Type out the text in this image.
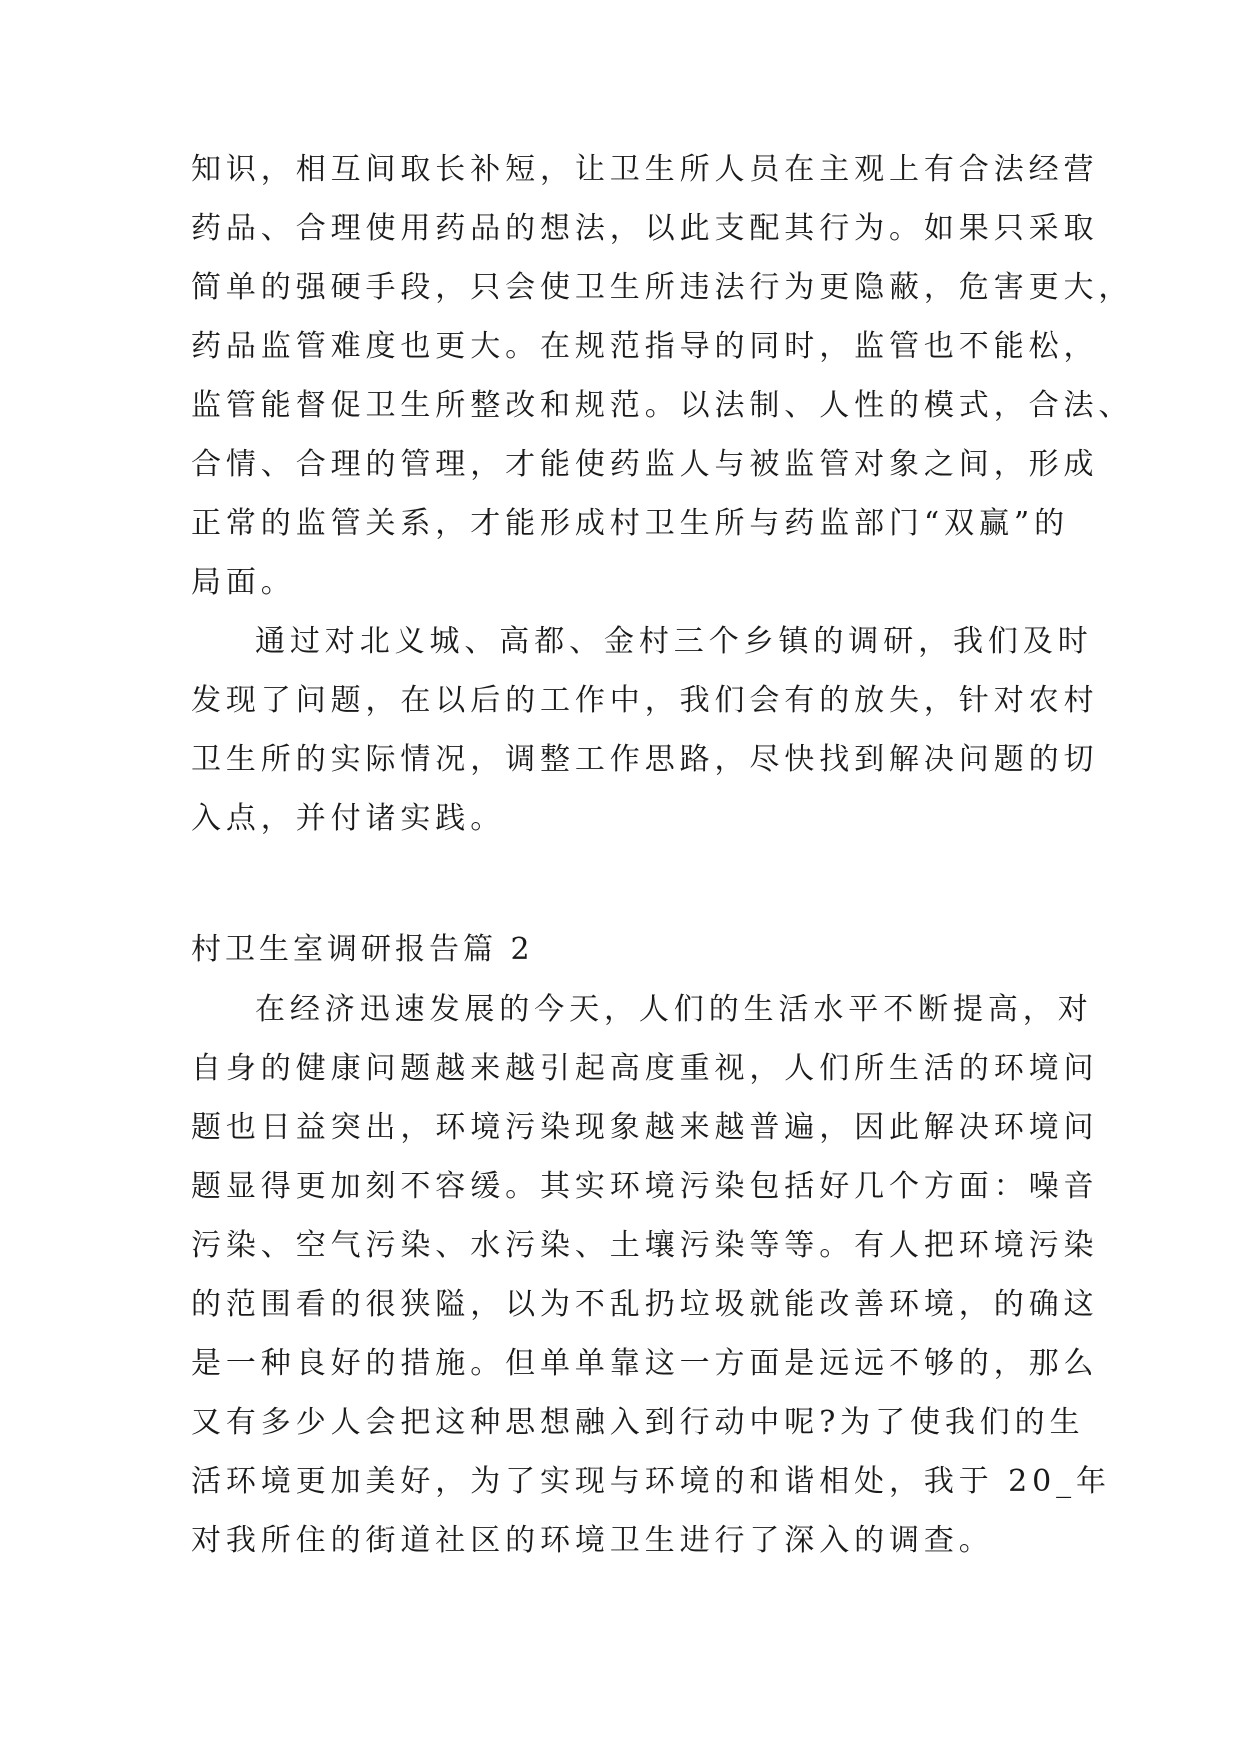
知识，相互间取长补短，让卫生所人员在主观上有合法经营
药品、合理使用药品的想法，以此支配其行为。如果只采取
简单的强硬手段，只会使卫生所违法行为更隐蔽，危害更大，
药品监管难度也更大。在规范指导的同时，监管也不能松，
监管能督促卫生所整改和规范。以法制、人性的模式，合法、
合情、合理的管理，才能使药监人与被监管对象之间，形成
正常的监管关系，才能形成村卫生所与药监部门“双赢”的
局面。
通过对北义城、高都、金村三个乡镇的调研，我们及时
发现了问题，在以后的工作中，我们会有的放失，针对农村
卫生所的实际情况，调整工作思路，尽快找到解决问题的切
入点，并付诸实践。
村卫生室调研报告篇 2
在经济迅速发展的今天，人们的生活水平不断提高，对
自身的健康问题越来越引起高度重视，人们所生活的环境问
题也日益突出，环境污染现象越来越普遍，因此解决环境问
题显得更加刻不容缓。其实环境污染包括好几个方面：噪音
污染、空气污染、水污染、土壤污染等等。有人把环境污染
的范围看的很狭隘，以为不乱扔垃圾就能改善环境，的确这
是一种良好的措施。但单单靠这一方面是远远不够的，那么
又有多少人会把这种思想融入到行动中呢?为了使我们的生
活环境更加美好，为了实现与环境的和谐相处，我于 20_年
对我所住的街道社区的环境卫生进行了深入的调查。
